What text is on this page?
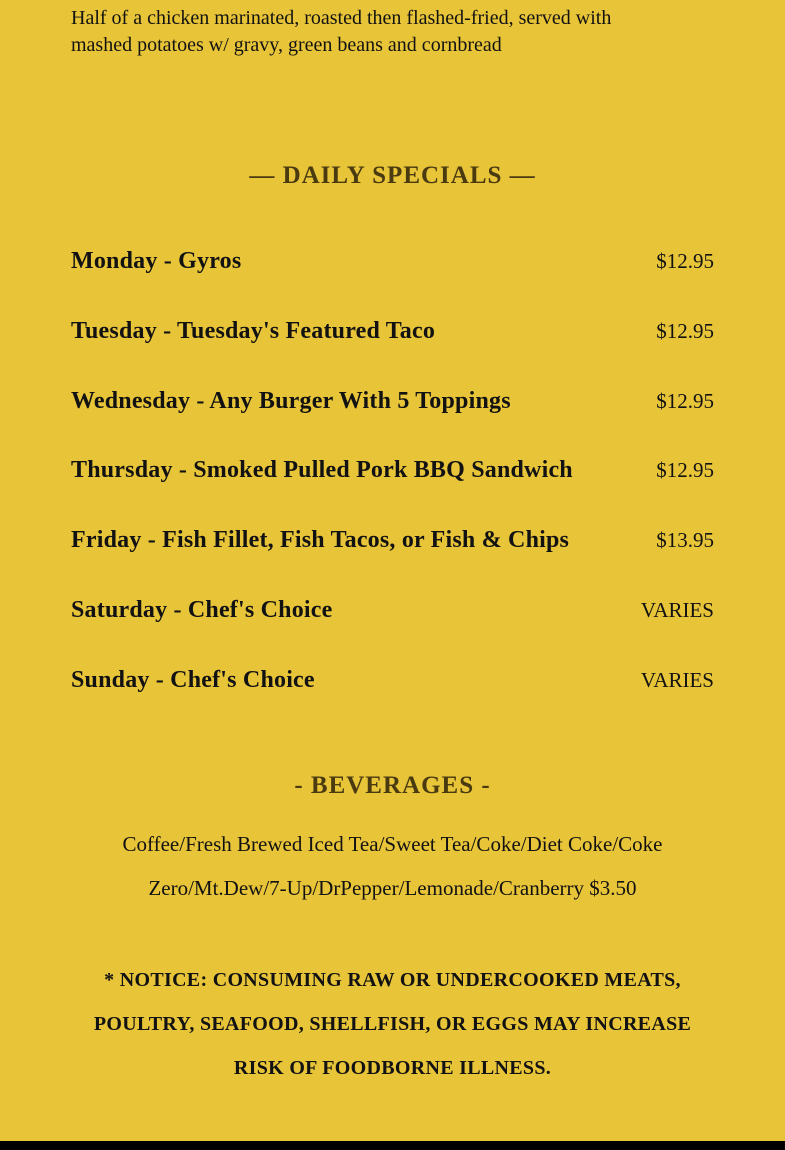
Half of a chicken marinated, roasted then flashed-fried, served with mashed potatoes w/ gravy, green beans and cornbread

— DAILY SPECIALS —
Monday - Gyros	$12.95
Tuesday - Tuesday's Featured Taco	$12.95
Wednesday - Any Burger With 5 Toppings	$12.95
Thursday - Smoked Pulled Pork BBQ Sandwich	$12.95
Friday - Fish Fillet, Fish Tacos, or Fish & Chips	$13.95
Saturday - Chef's Choice	VARIES
Sunday - Chef's Choice	VARIES
- BEVERAGES -

Coffee/Fresh Brewed Iced Tea/Sweet Tea/Coke/Diet Coke/Coke Zero/Mt.Dew/7-Up/DrPepper/Lemonade/Cranberry $3.50

* NOTICE: CONSUMING RAW OR UNDERCOOKED MEATS, POULTRY, SEAFOOD, SHELLFISH, OR EGGS MAY INCREASE RISK OF FOODBORNE ILLNESS.
